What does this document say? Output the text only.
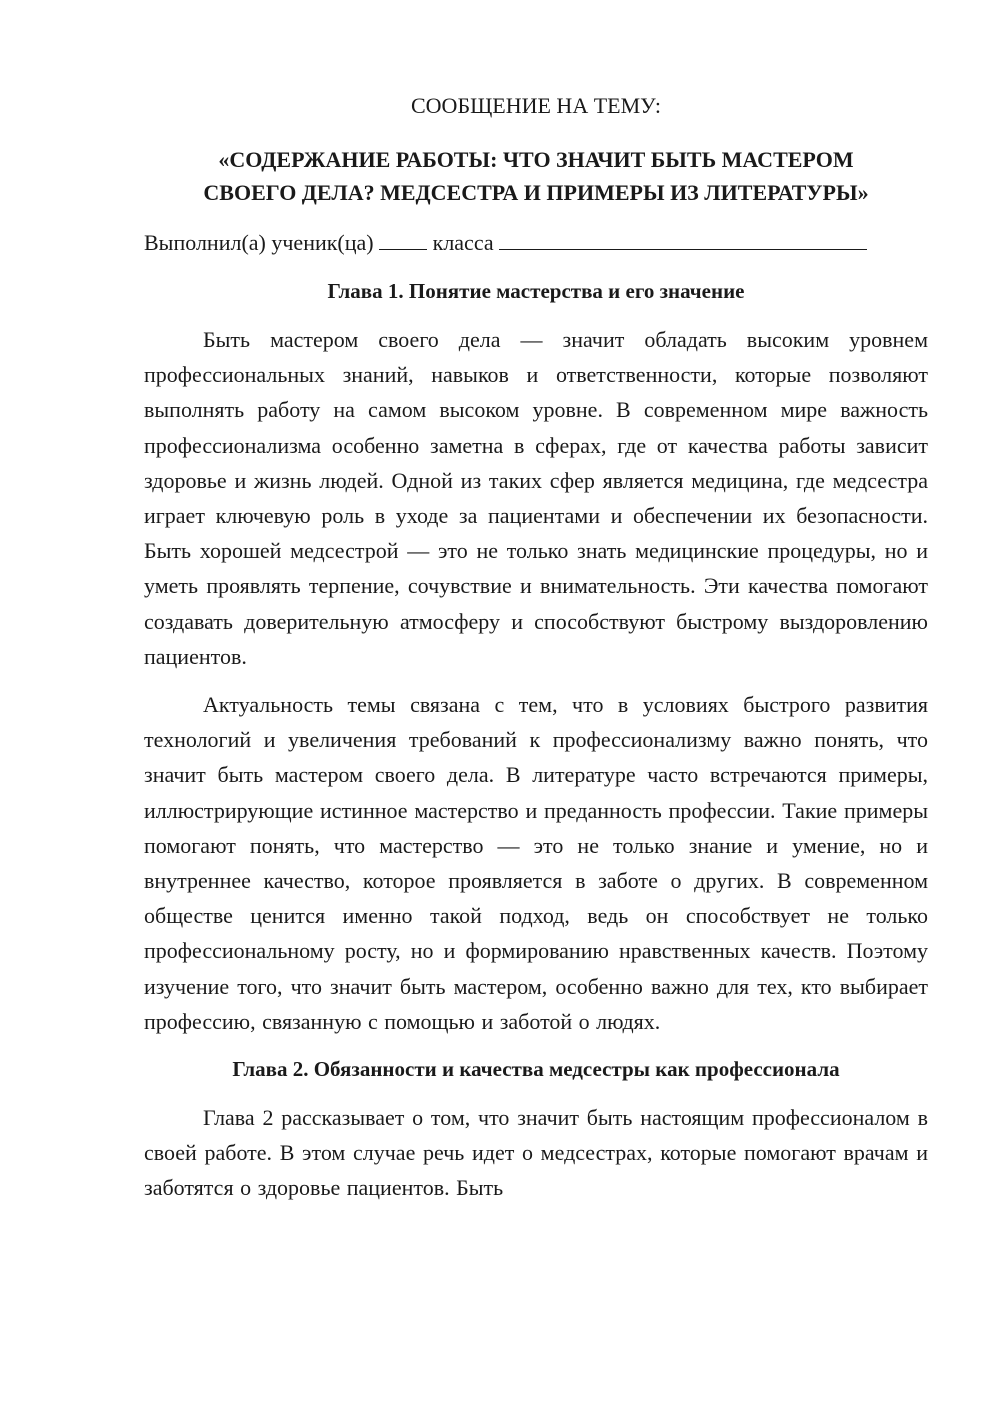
СООБЩЕНИЕ НА ТЕМУ:
«СОДЕРЖАНИЕ РАБОТЫ: ЧТО ЗНАЧИТ БЫТЬ МАСТЕРОМ
СВОЕГО ДЕЛА? МЕДСЕСТРА И ПРИМЕРЫ ИЗ ЛИТЕРАТУРЫ»
Выполнил(а) ученик(ца)	класса
Глава 1. Понятие мастерства и его значение

Быть мастером своего дела — значит обладать высоким уровнем профессиональных знаний, навыков и ответственности, которые позволяют выполнять работу на самом высоком уровне. В современном мире важность профессионализма особенно заметна в сферах, где от качества работы зависит здоровье и жизнь людей. Одной из таких сфер является медицина, где медсестра играет ключевую роль в уходе за пациентами и обеспечении их безопасности. Быть хорошей медсестрой — это не только знать медицинские процедуры, но и уметь проявлять терпение, сочувствие и внимательность. Эти качества помогают создавать доверительную атмосферу и способствуют быстрому выздоровлению пациентов.

Актуальность темы связана с тем, что в условиях быстрого развития технологий и увеличения требований к профессионализму важно понять, что значит быть мастером своего дела. В литературе часто встречаются примеры, иллюстрирующие истинное мастерство и преданность профессии. Такие примеры помогают понять, что мастерство — это не только знание и умение, но и внутреннее качество, которое проявляется в заботе о других. В современном обществе ценится именно такой подход, ведь он способствует не только профессиональному росту, но и формированию нравственных качеств. Поэтому изучение того, что значит быть мастером, особенно важно для тех, кто выбирает профессию, связанную с помощью и заботой о людях.

Глава 2. Обязанности и качества медсестры как профессионала

Глава 2 рассказывает о том, что значит быть настоящим профессионалом в своей работе. В этом случае речь идет о медсестрах, которые помогают врачам и заботятся о здоровье пациентов. Быть
